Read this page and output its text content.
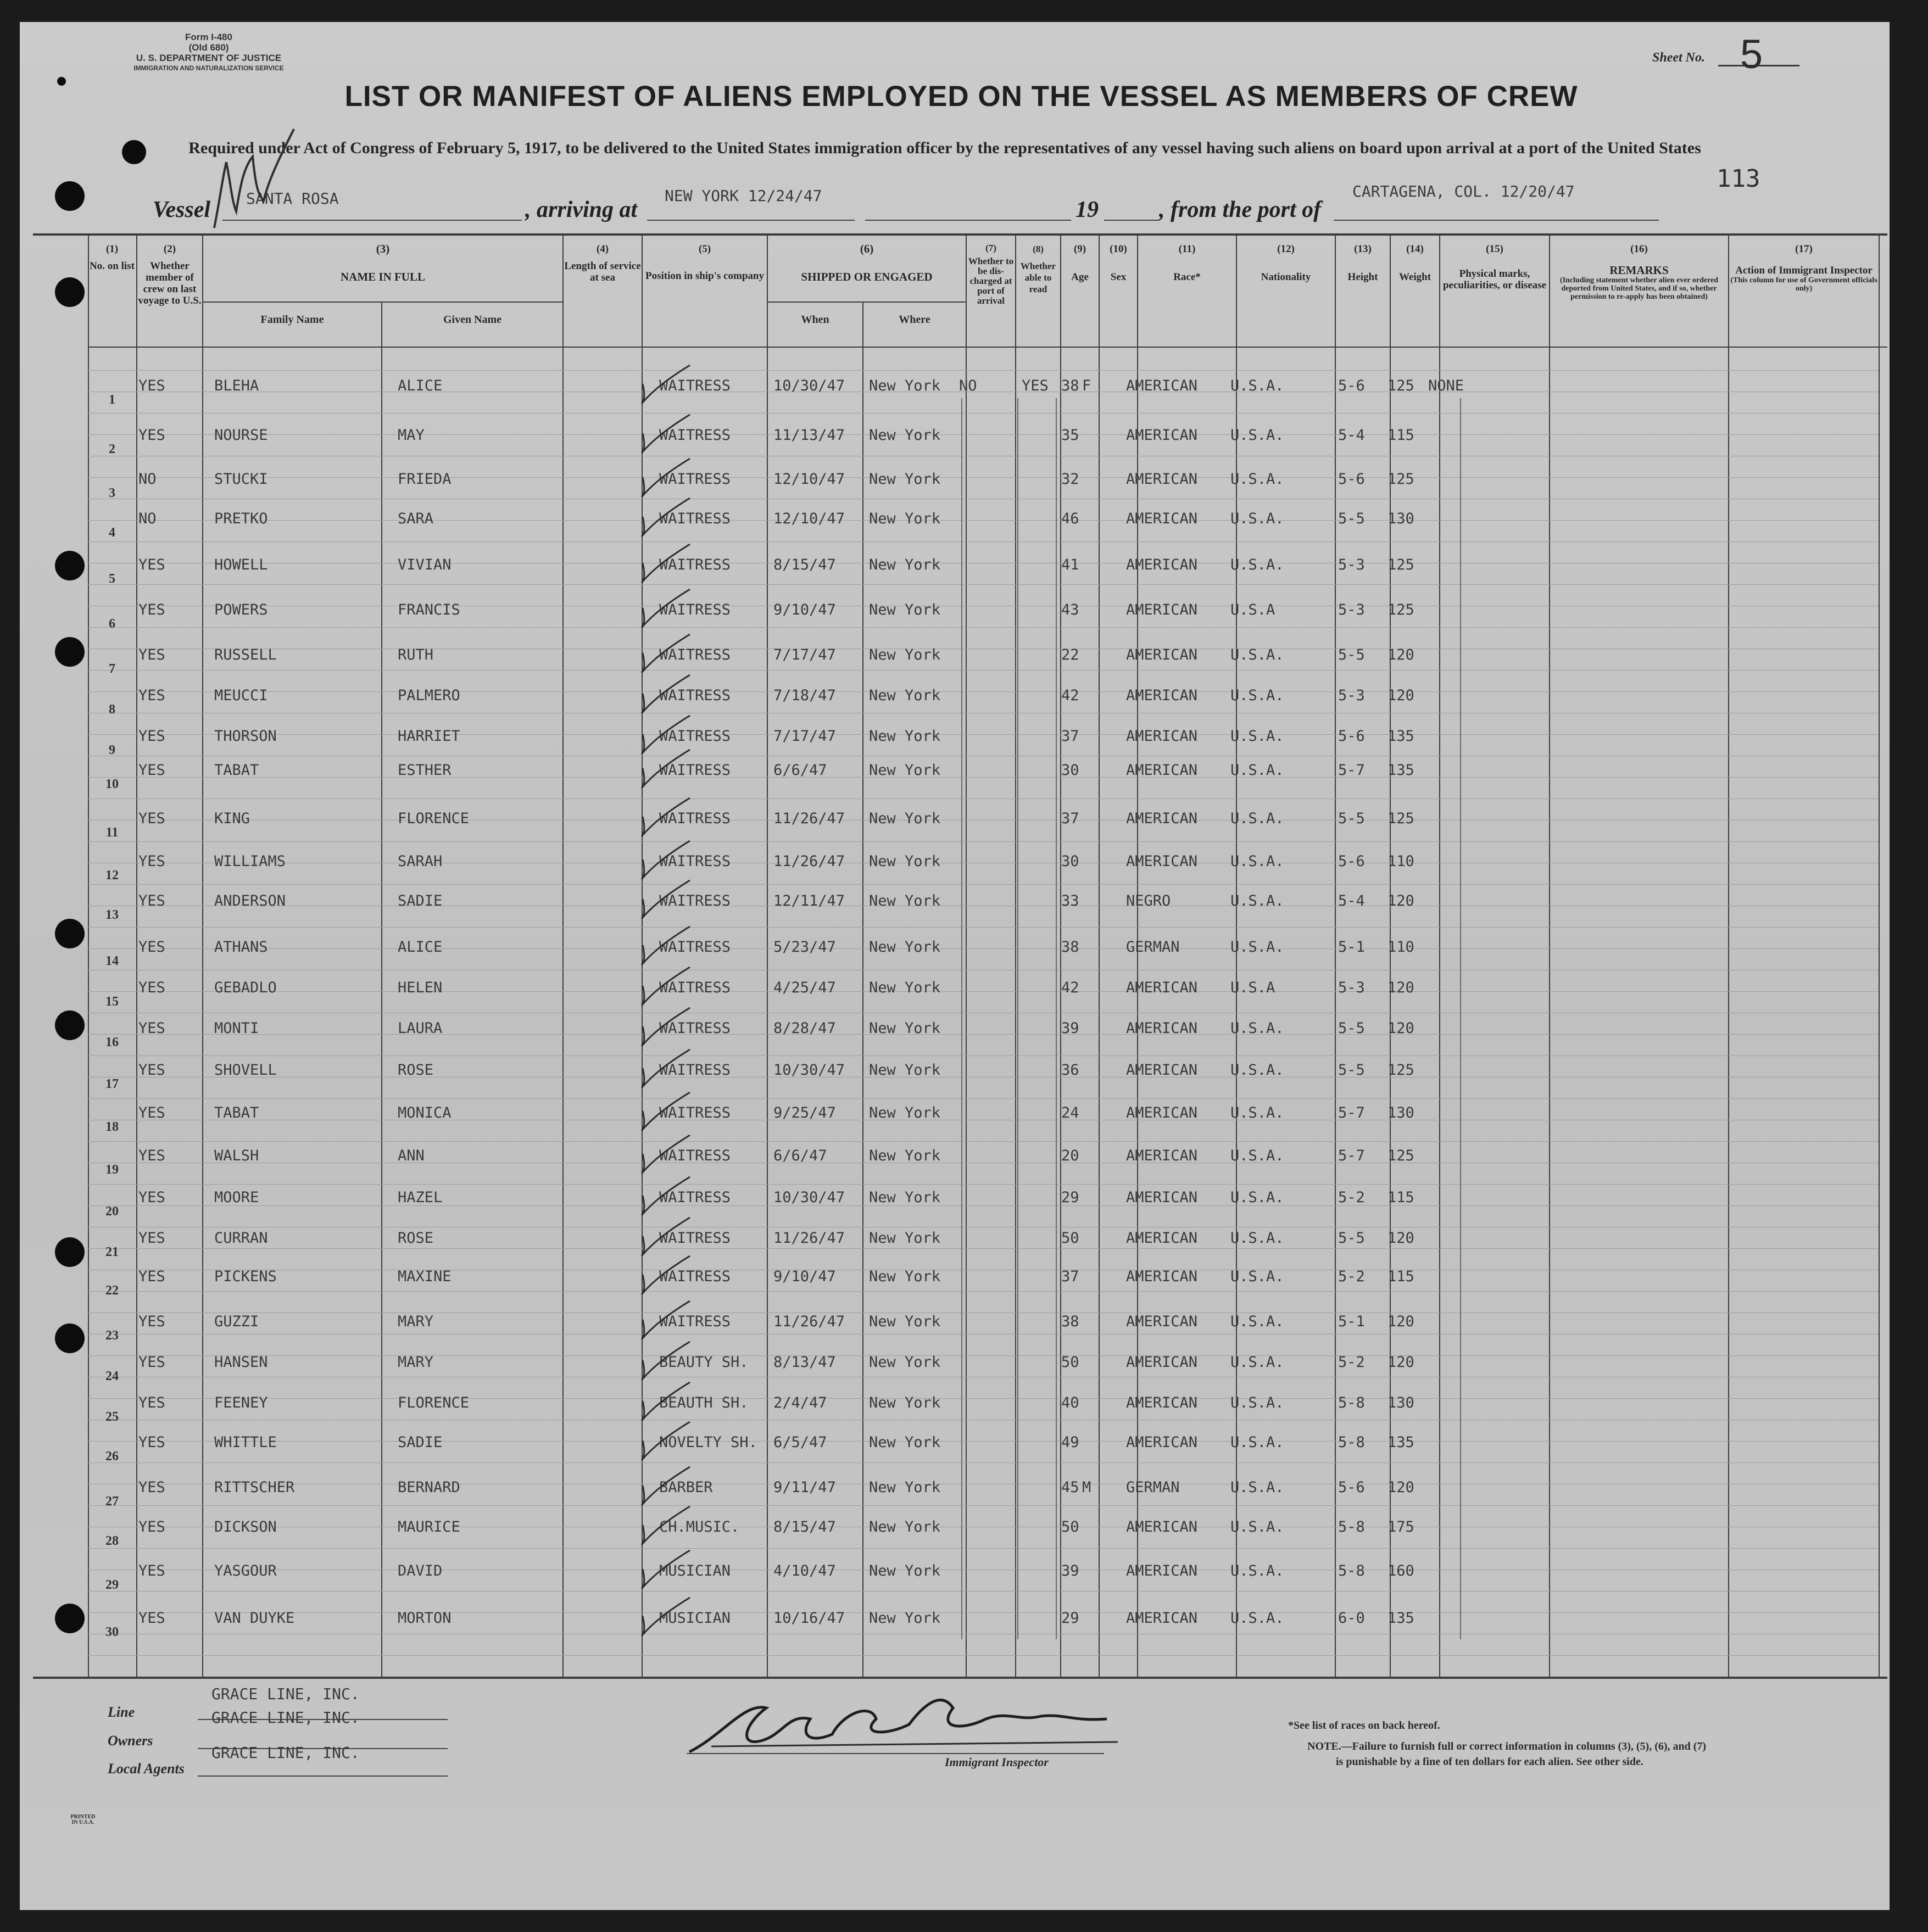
Form I-480
(Old 680)
U. S. DEPARTMENT OF JUSTICE
IMMIGRATION AND NATURALIZATION SERVICE
Sheet No. 5
LIST OR MANIFEST OF ALIENS EMPLOYED ON THE VESSEL AS MEMBERS OF CREW
Required under Act of Congress of February 5, 1917, to be delivered to the United States immigration officer by the representatives of any vessel having such aliens on board upon arrival at a port of the United States
113
Vessel SANTA ROSA	, arriving at
NEW YORK 12/24/47
19	, from the port of
CARTAGENA, COL. 12/20/47
(1)
No. on list
(2)
Whether member of crew on last voyage to U.S.
(3)
NAME IN FULL
Family Name	Given Name
(4)
Length of service at sea
(5)
Position in ship's company
(6)
SHIPPED OR ENGAGED
When	Where
(7)
Whether to be dis-charged at port of arrival
(8)
Whether able to read
(9)
Age
(10)
Sex
(11)
Race*
(12)
Nationality
(13)
Height
(14)
Weight
(15)
Physical marks, peculiarities, or disease
(16)
REMARKS
(Including statement whether alien ever ordered deported from United States, and if so, whether permission to re-apply has been obtained)
(17)
Action of Immigrant Inspector
(This column for use of Government officials only)
1
YES	BLEHA	ALICE	WAITRESS	10/30/47 New York NO	YES 38 F AMERICAN U.S.A.	5-6 125 NONE
2
YES	NOURSE	MAY	WAITRESS	11/13/47 New York	35	AMERICAN U.S.A.	5-4 115
3
NO	STUCKI	FRIEDA	WAITRESS	12/10/47 New York	32	AMERICAN U.S.A.	5-6 125
4
NO	PRETKO	SARA	WAITRESS	12/10/47 New York	46	AMERICAN U.S.A.	5-5 130
5
YES	HOWELL	VIVIAN	WAITRESS	8/15/47 New York	41	AMERICAN U.S.A.	5-3 125
6
YES	POWERS	FRANCIS	WAITRESS	9/10/47 New York	43	AMERICAN U.S.A	5-3 125
7
YES	RUSSELL	RUTH	WAITRESS	7/17/47 New York	22	AMERICAN U.S.A.	5-5 120
8
YES	MEUCCI	PALMERO	WAITRESS	7/18/47 New York	42	AMERICAN U.S.A.	5-3 120
9
YES	THORSON	HARRIET	WAITRESS	7/17/47 New York	37	AMERICAN U.S.A.	5-6 135
10
YES	TABAT	ESTHER	WAITRESS	6/6/47	New York	30	AMERICAN U.S.A.	5-7 135
11
YES	KING	FLORENCE	WAITRESS	11/26/47 New York	37	AMERICAN U.S.A.	5-5 125
12
YES	WILLIAMS	SARAH	WAITRESS	11/26/47 New York	30	AMERICAN U.S.A.	5-6 110
13
YES	ANDERSON	SADIE	WAITRESS	12/11/47 New York	33	NEGRO	U.S.A.	5-4 120
14
YES	ATHANS	ALICE	WAITRESS	5/23/47 New York	38	GERMAN	U.S.A.	5-1 110
15
YES	GEBADLO	HELEN	WAITRESS	4/25/47 New York	42	AMERICAN U.S.A	5-3 120
16
YES	MONTI	LAURA	WAITRESS	8/28/47 New York	39	AMERICAN U.S.A.	5-5 120
17
YES	SHOVELL	ROSE	WAITRESS	10/30/47 New York	36	AMERICAN U.S.A.	5-5 125
18
YES	TABAT	MONICA	WAITRESS	9/25/47 New York	24	AMERICAN U.S.A.	5-7 130
19
YES	WALSH	ANN	WAITRESS	6/6/47	New York	20	AMERICAN U.S.A.	5-7 125
20
YES	MOORE	HAZEL	WAITRESS	10/30/47 New York	29	AMERICAN U.S.A.	5-2 115
21
YES	CURRAN	ROSE	WAITRESS	11/26/47 New York	50	AMERICAN U.S.A.	5-5 120
22
YES	PICKENS	MAXINE	WAITRESS	9/10/47 New York	37	AMERICAN U.S.A.	5-2 115
23
YES	GUZZI	MARY	WAITRESS	11/26/47 New York	38	AMERICAN U.S.A.	5-1 120
24
YES	HANSEN	MARY	BEAUTY SH. 8/13/47 New York	50	AMERICAN U.S.A.	5-2 120
25
YES	FEENEY	FLORENCE	BEAUTH SH. 2/4/47	New York	40	AMERICAN U.S.A.	5-8 130
26
YES	WHITTLE	SADIE	NOVELTY SH. 6/5/47	New York	49	AMERICAN U.S.A.	5-8 135
27
YES	RITTSCHER	BERNARD	BARBER	9/11/47 New York	45 M GERMAN	U.S.A.	5-6 120
28
YES	DICKSON	MAURICE	CH.MUSIC. 8/15/47 New York	50	AMERICAN U.S.A.	5-8 175
29
YES	YASGOUR	DAVID	MUSICIAN	4/10/47 New York	39	AMERICAN U.S.A.	5-8 160
30
YES	VAN DUYKE	MORTON	MUSICIAN	10/16/47 New York	29	AMERICAN U.S.A.	6-0 135
Line
GRACE LINE, INC.
Owners
GRACE LINE, INC.
Local Agents
GRACE LINE, INC.
Immigrant Inspector
*See list of races on back hereof.
NOTE.—Failure to furnish full or correct information in columns (3), (5), (6), and (7)
is punishable by a fine of ten dollars for each alien. See other side.
PRINTED IN U.S.A.
